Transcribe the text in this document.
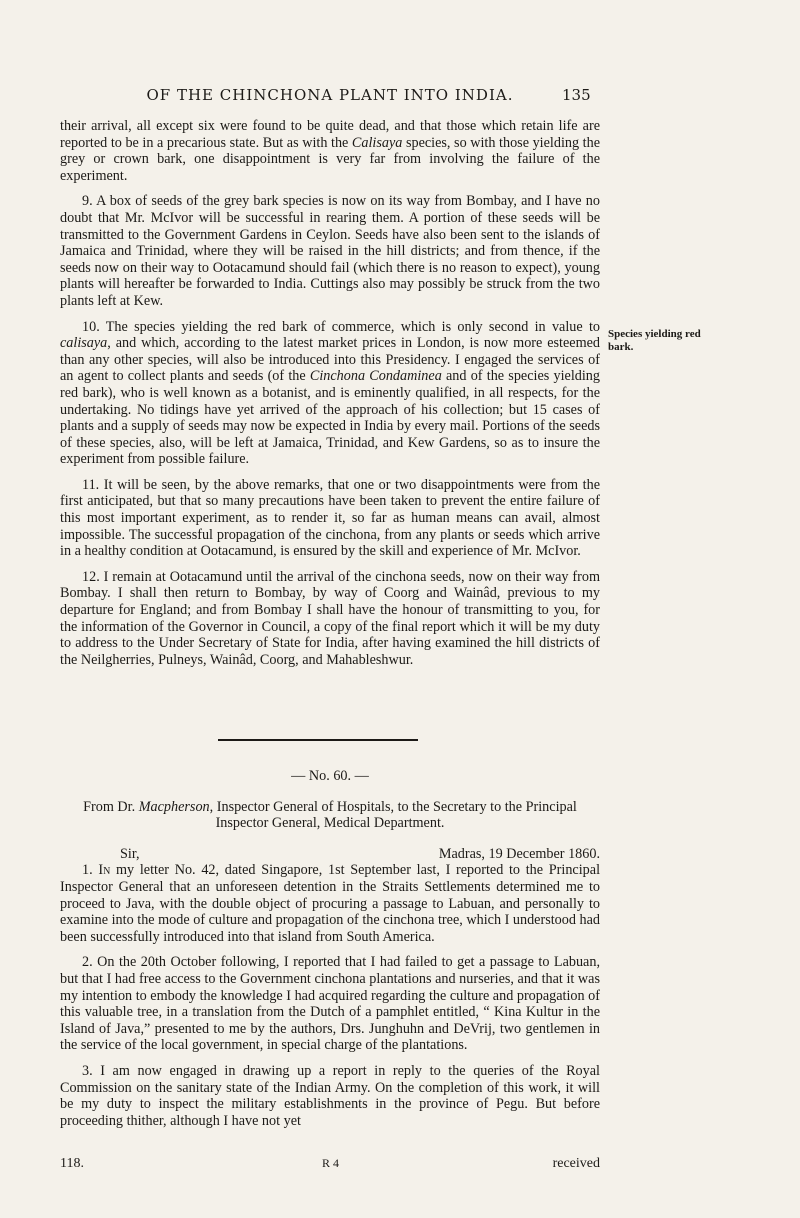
OF THE CHINCHONA PLANT INTO INDIA.	135

their arrival, all except six were found to be quite dead, and that those which retain life are reported to be in a precarious state. But as with the Calisaya species, so with those yielding the grey or crown bark, one disappointment is very far from involving the failure of the experiment.

9. A box of seeds of the grey bark species is now on its way from Bombay, and I have no doubt that Mr. McIvor will be successful in rearing them. A portion of these seeds will be transmitted to the Government Gardens in Ceylon. Seeds have also been sent to the islands of Jamaica and Trinidad, where they will be raised in the hill districts; and from thence, if the seeds now on their way to Ootacamund should fail (which there is no reason to expect), young plants will hereafter be forwarded to India. Cuttings also may possibly be struck from the two plants left at Kew.

10. The species yielding the red bark of commerce, which is only second in value to calisaya, and which, according to the latest market prices in London, is now more esteemed than any other species, will also be introduced into this Presidency. I engaged the services of an agent to collect plants and seeds (of the Cinchona Condaminea and of the species yielding red bark), who is well known as a botanist, and is eminently qualified, in all respects, for the undertaking. No tidings have yet arrived of the approach of his collection; but 15 cases of plants and a supply of seeds may now be expected in India by every mail. Portions of the seeds of these species, also, will be left at Jamaica, Trinidad, and Kew Gardens, so as to insure the experiment from possible failure.

11. It will be seen, by the above remarks, that one or two disappointments were from the first anticipated, but that so many precautions have been taken to prevent the entire failure of this most important experiment, as to render it, so far as human means can avail, almost impossible. The successful propagation of the cinchona, from any plants or seeds which arrive in a healthy condition at Ootacamund, is ensured by the skill and experience of Mr. McIvor.

12. I remain at Ootacamund until the arrival of the cinchona seeds, now on their way from Bombay. I shall then return to Bombay, by way of Coorg and Wainâd, previous to my departure for England; and from Bombay I shall have the honour of transmitting to you, for the information of the Governor in Council, a copy of the final report which it will be my duty to address to the Under Secretary of State for India, after having examined the hill districts of the Neilgherries, Pulneys, Wainâd, Coorg, and Mahableshwur.

Species yielding red bark.

— No. 60. —

From Dr. Macpherson, Inspector General of Hospitals, to the Secretary to the Principal Inspector General, Medical Department.

Sir,	Madras, 19 December 1860.

1. In my letter No. 42, dated Singapore, 1st September last, I reported to the Principal Inspector General that an unforeseen detention in the Straits Settlements determined me to proceed to Java, with the double object of procuring a passage to Labuan, and personally to examine into the mode of culture and propagation of the cinchona tree, which I understood had been successfully introduced into that island from South America.

2. On the 20th October following, I reported that I had failed to get a passage to Labuan, but that I had free access to the Government cinchona plantations and nurseries, and that it was my intention to embody the knowledge I had acquired regarding the culture and propagation of this valuable tree, in a translation from the Dutch of a pamphlet entitled, “ Kina Kultur in the Island of Java,” presented to me by the authors, Drs. Junghuhn and DeVrij, two gentlemen in the service of the local government, in special charge of the plantations.

3. I am now engaged in drawing up a report in reply to the queries of the Royal Commission on the sanitary state of the Indian Army. On the completion of this work, it will be my duty to inspect the military establishments in the province of Pegu. But before proceeding thither, although I have not yet

118.	R 4	received
